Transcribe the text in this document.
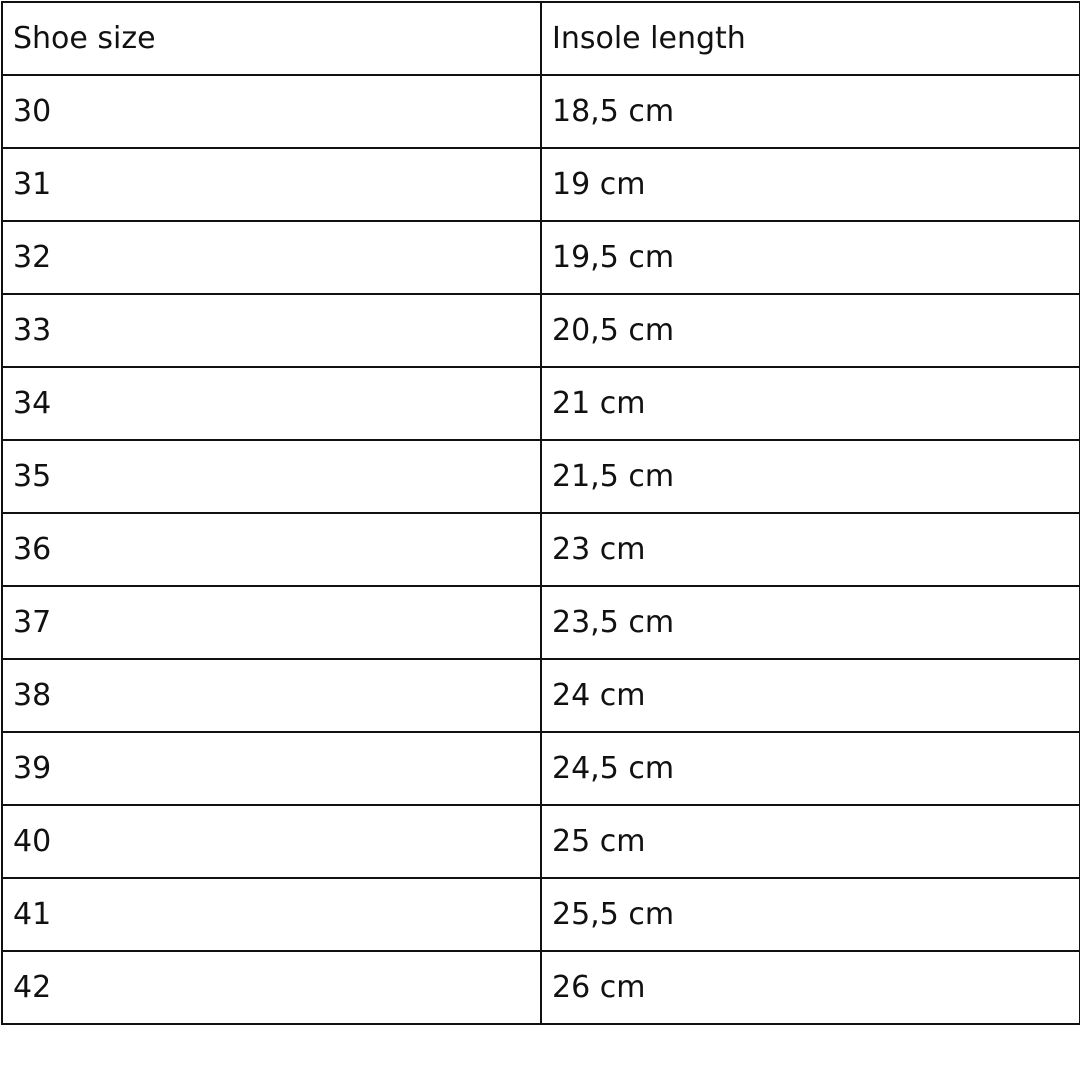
Shoe size	Insole length
30	18,5 cm
31	19 cm
32	19,5 cm
33	20,5 cm
34	21 cm
35	21,5 cm
36	23 cm
37	23,5 cm
38	24 cm
39	24,5 cm
40	25 cm
41	25,5 cm
42	26 cm
